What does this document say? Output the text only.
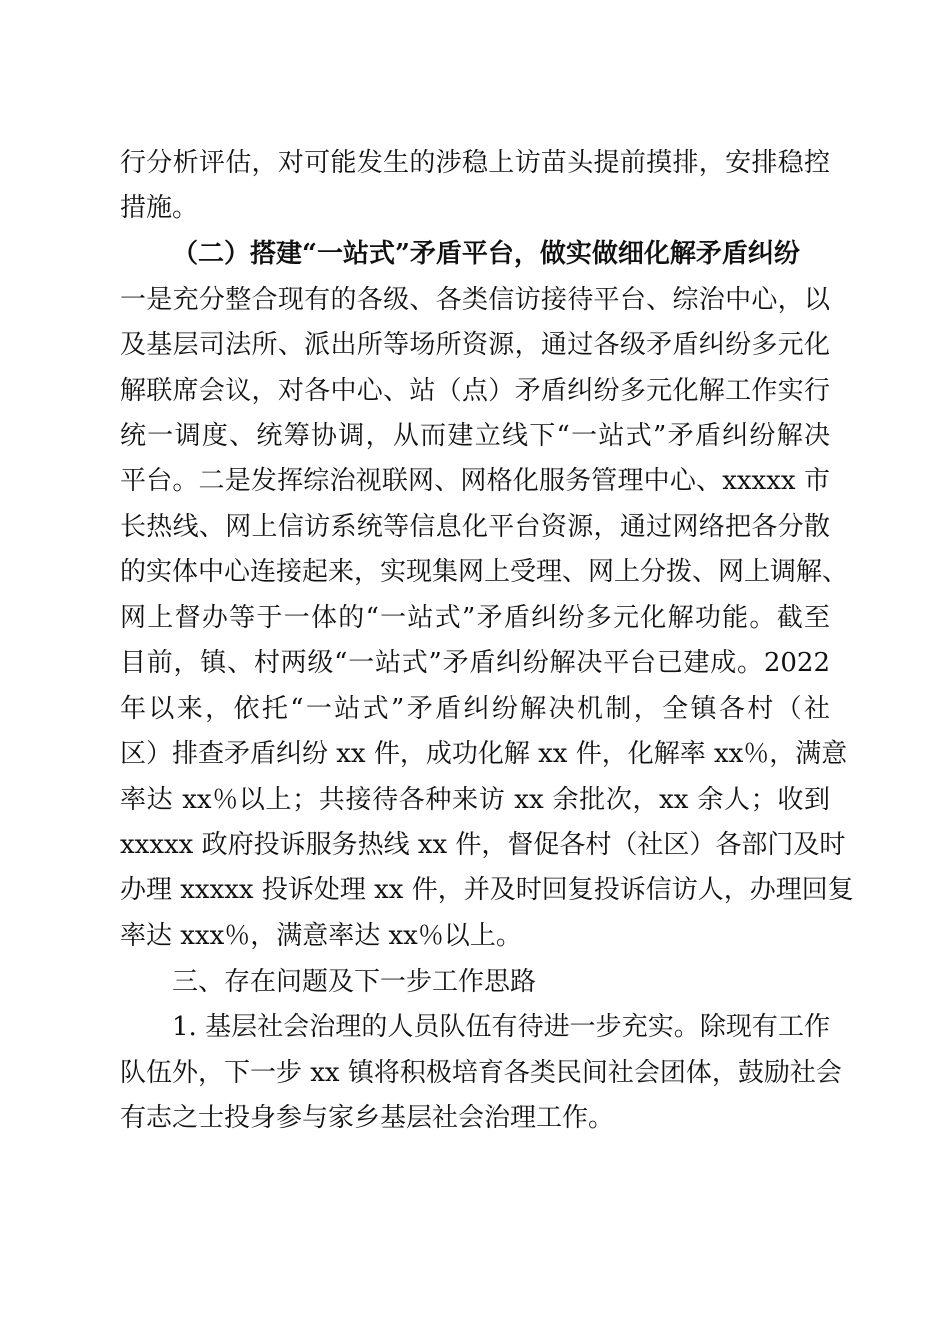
行分析评估，对可能发生的涉稳上访苗头提前摸排，安排稳控
措施。
（二）搭建“一站式”矛盾平台，做实做细化解矛盾纠纷
一是充分整合现有的各级、各类信访接待平台、综治中心，以
及基层司法所、派出所等场所资源，通过各级矛盾纠纷多元化
解联席会议，对各中心、站（点）矛盾纠纷多元化解工作实行
统一调度、统筹协调，从而建立线下“一站式”矛盾纠纷解决
平台。二是发挥综治视联网、网格化服务管理中心、xxxxx 市
长热线、网上信访系统等信息化平台资源，通过网络把各分散
的实体中心连接起来，实现集网上受理、网上分拨、网上调解、
网上督办等于一体的“一站式”矛盾纠纷多元化解功能。截至
目前，镇、村两级“一站式”矛盾纠纷解决平台已建成。2022
年以来，依托“一站式”矛盾纠纷解决机制，全镇各村（社
区）排查矛盾纠纷 xx 件，成功化解 xx 件，化解率 xx％，满意
率达 xx％以上；共接待各种来访 xx 余批次，xx 余人；收到
xxxxx 政府投诉服务热线 xx 件，督促各村（社区）各部门及时
办理 xxxxx 投诉处理 xx 件，并及时回复投诉信访人，办理回复
率达 xxx％，满意率达 xx％以上。
三、存在问题及下一步工作思路
1. 基层社会治理的人员队伍有待进一步充实。除现有工作
队伍外，下一步 xx 镇将积极培育各类民间社会团体，鼓励社会
有志之士投身参与家乡基层社会治理工作。
